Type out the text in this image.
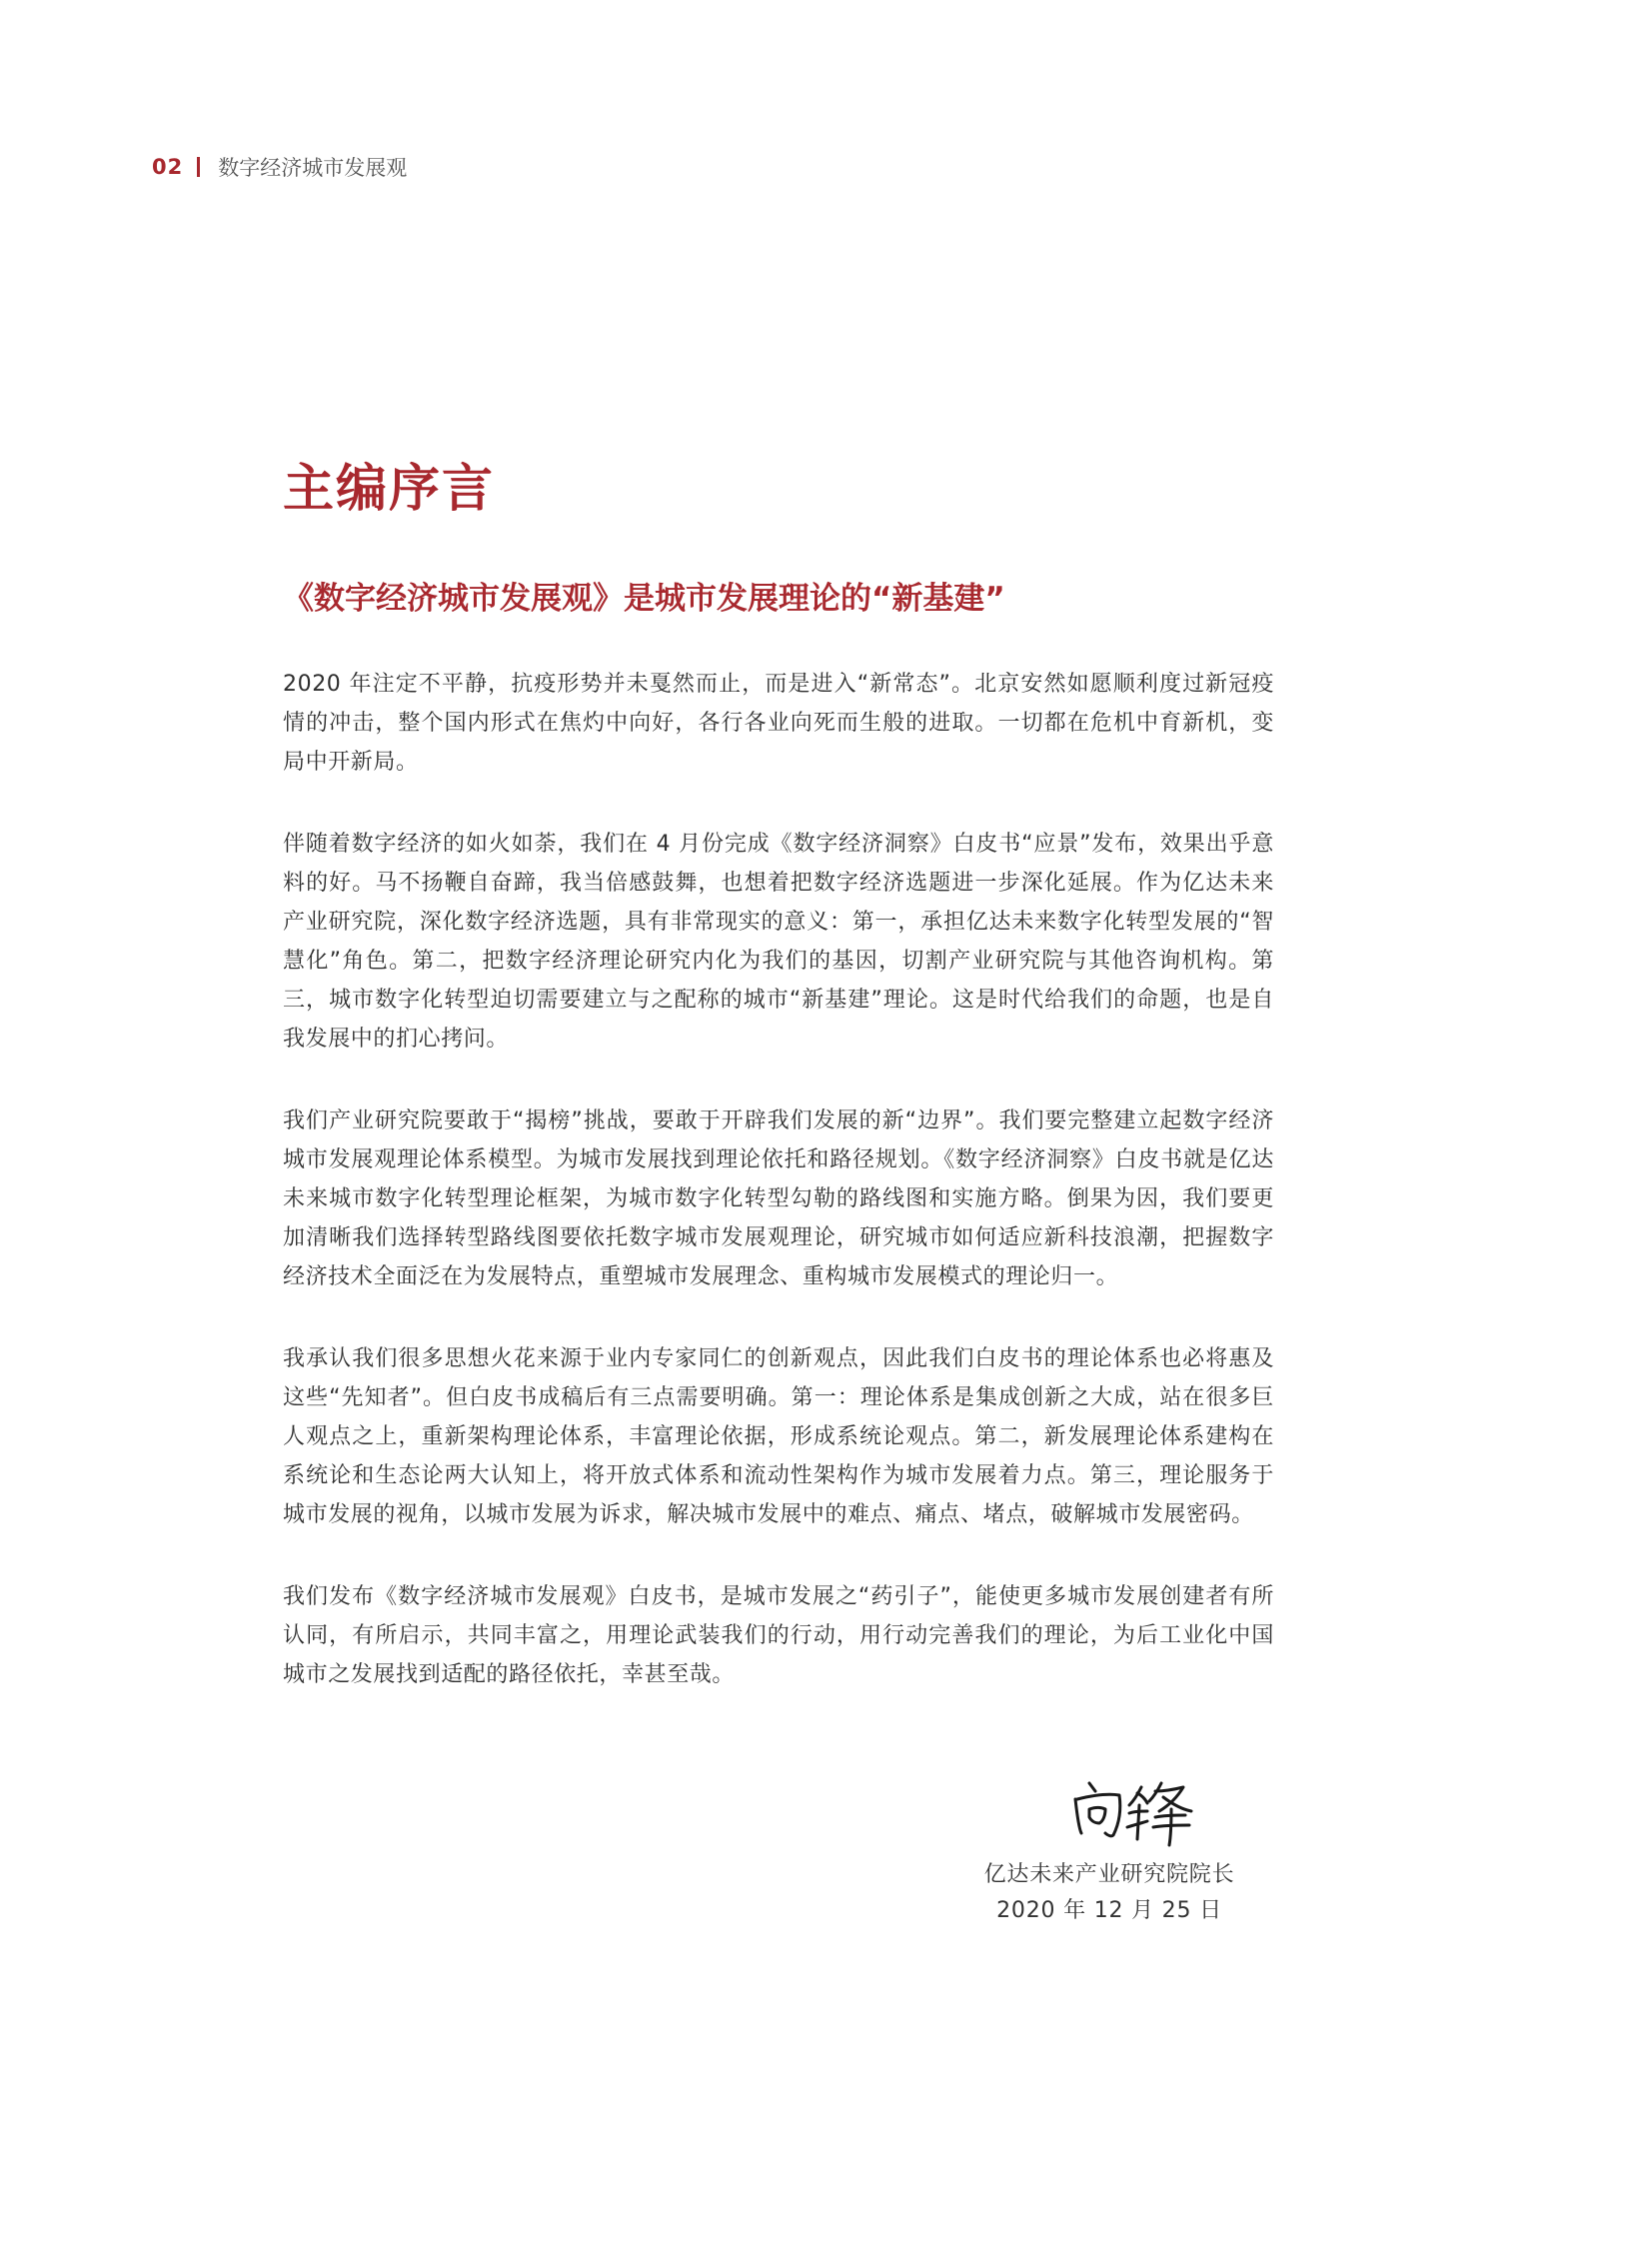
02 数字经济城市发展观
主编序言
《数字经济城市发展观》是城市发展理论的“新基建”

2020 年注定不平静，抗疫形势并未戛然而止，而是进入“新常态”。北京安然如愿顺利度过新冠疫情的冲击，整个国内形式在焦灼中向好，各行各业向死而生般的进取。一切都在危机中育新机，变局中开新局。

伴随着数字经济的如火如荼，我们在 4 月份完成《数字经济洞察》白皮书“应景”发布，效果出乎意料的好。马不扬鞭自奋蹄，我当倍感鼓舞，也想着把数字经济选题进一步深化延展。作为亿达未来产业研究院，深化数字经济选题，具有非常现实的意义：第一，承担亿达未来数字化转型发展的“智慧化”角色。第二，把数字经济理论研究内化为我们的基因，切割产业研究院与其他咨询机构。第三，城市数字化转型迫切需要建立与之配称的城市“新基建”理论。这是时代给我们的命题，也是自我发展中的扪心拷问。

我们产业研究院要敢于“揭榜”挑战，要敢于开辟我们发展的新“边界”。我们要完整建立起数字经济城市发展观理论体系模型。为城市发展找到理论依托和路径规划。《数字经济洞察》白皮书就是亿达未来城市数字化转型理论框架，为城市数字化转型勾勒的路线图和实施方略。倒果为因，我们要更加清晰我们选择转型路线图要依托数字城市发展观理论，研究城市如何适应新科技浪潮，把握数字经济技术全面泛在为发展特点，重塑城市发展理念、重构城市发展模式的理论归一。

我承认我们很多思想火花来源于业内专家同仁的创新观点，因此我们白皮书的理论体系也必将惠及这些“先知者”。但白皮书成稿后有三点需要明确。第一：理论体系是集成创新之大成，站在很多巨人观点之上，重新架构理论体系，丰富理论依据，形成系统论观点。第二，新发展理论体系建构在系统论和生态论两大认知上，将开放式体系和流动性架构作为城市发展着力点。第三，理论服务于城市发展的视角，以城市发展为诉求，解决城市发展中的难点、痛点、堵点，破解城市发展密码。

我们发布《数字经济城市发展观》白皮书，是城市发展之“药引子”，能使更多城市发展创建者有所认同，有所启示，共同丰富之，用理论武装我们的行动，用行动完善我们的理论，为后工业化中国城市之发展找到适配的路径依托，幸甚至哉。

亿达未来产业研究院院长
2020 年 12 月 25 日
